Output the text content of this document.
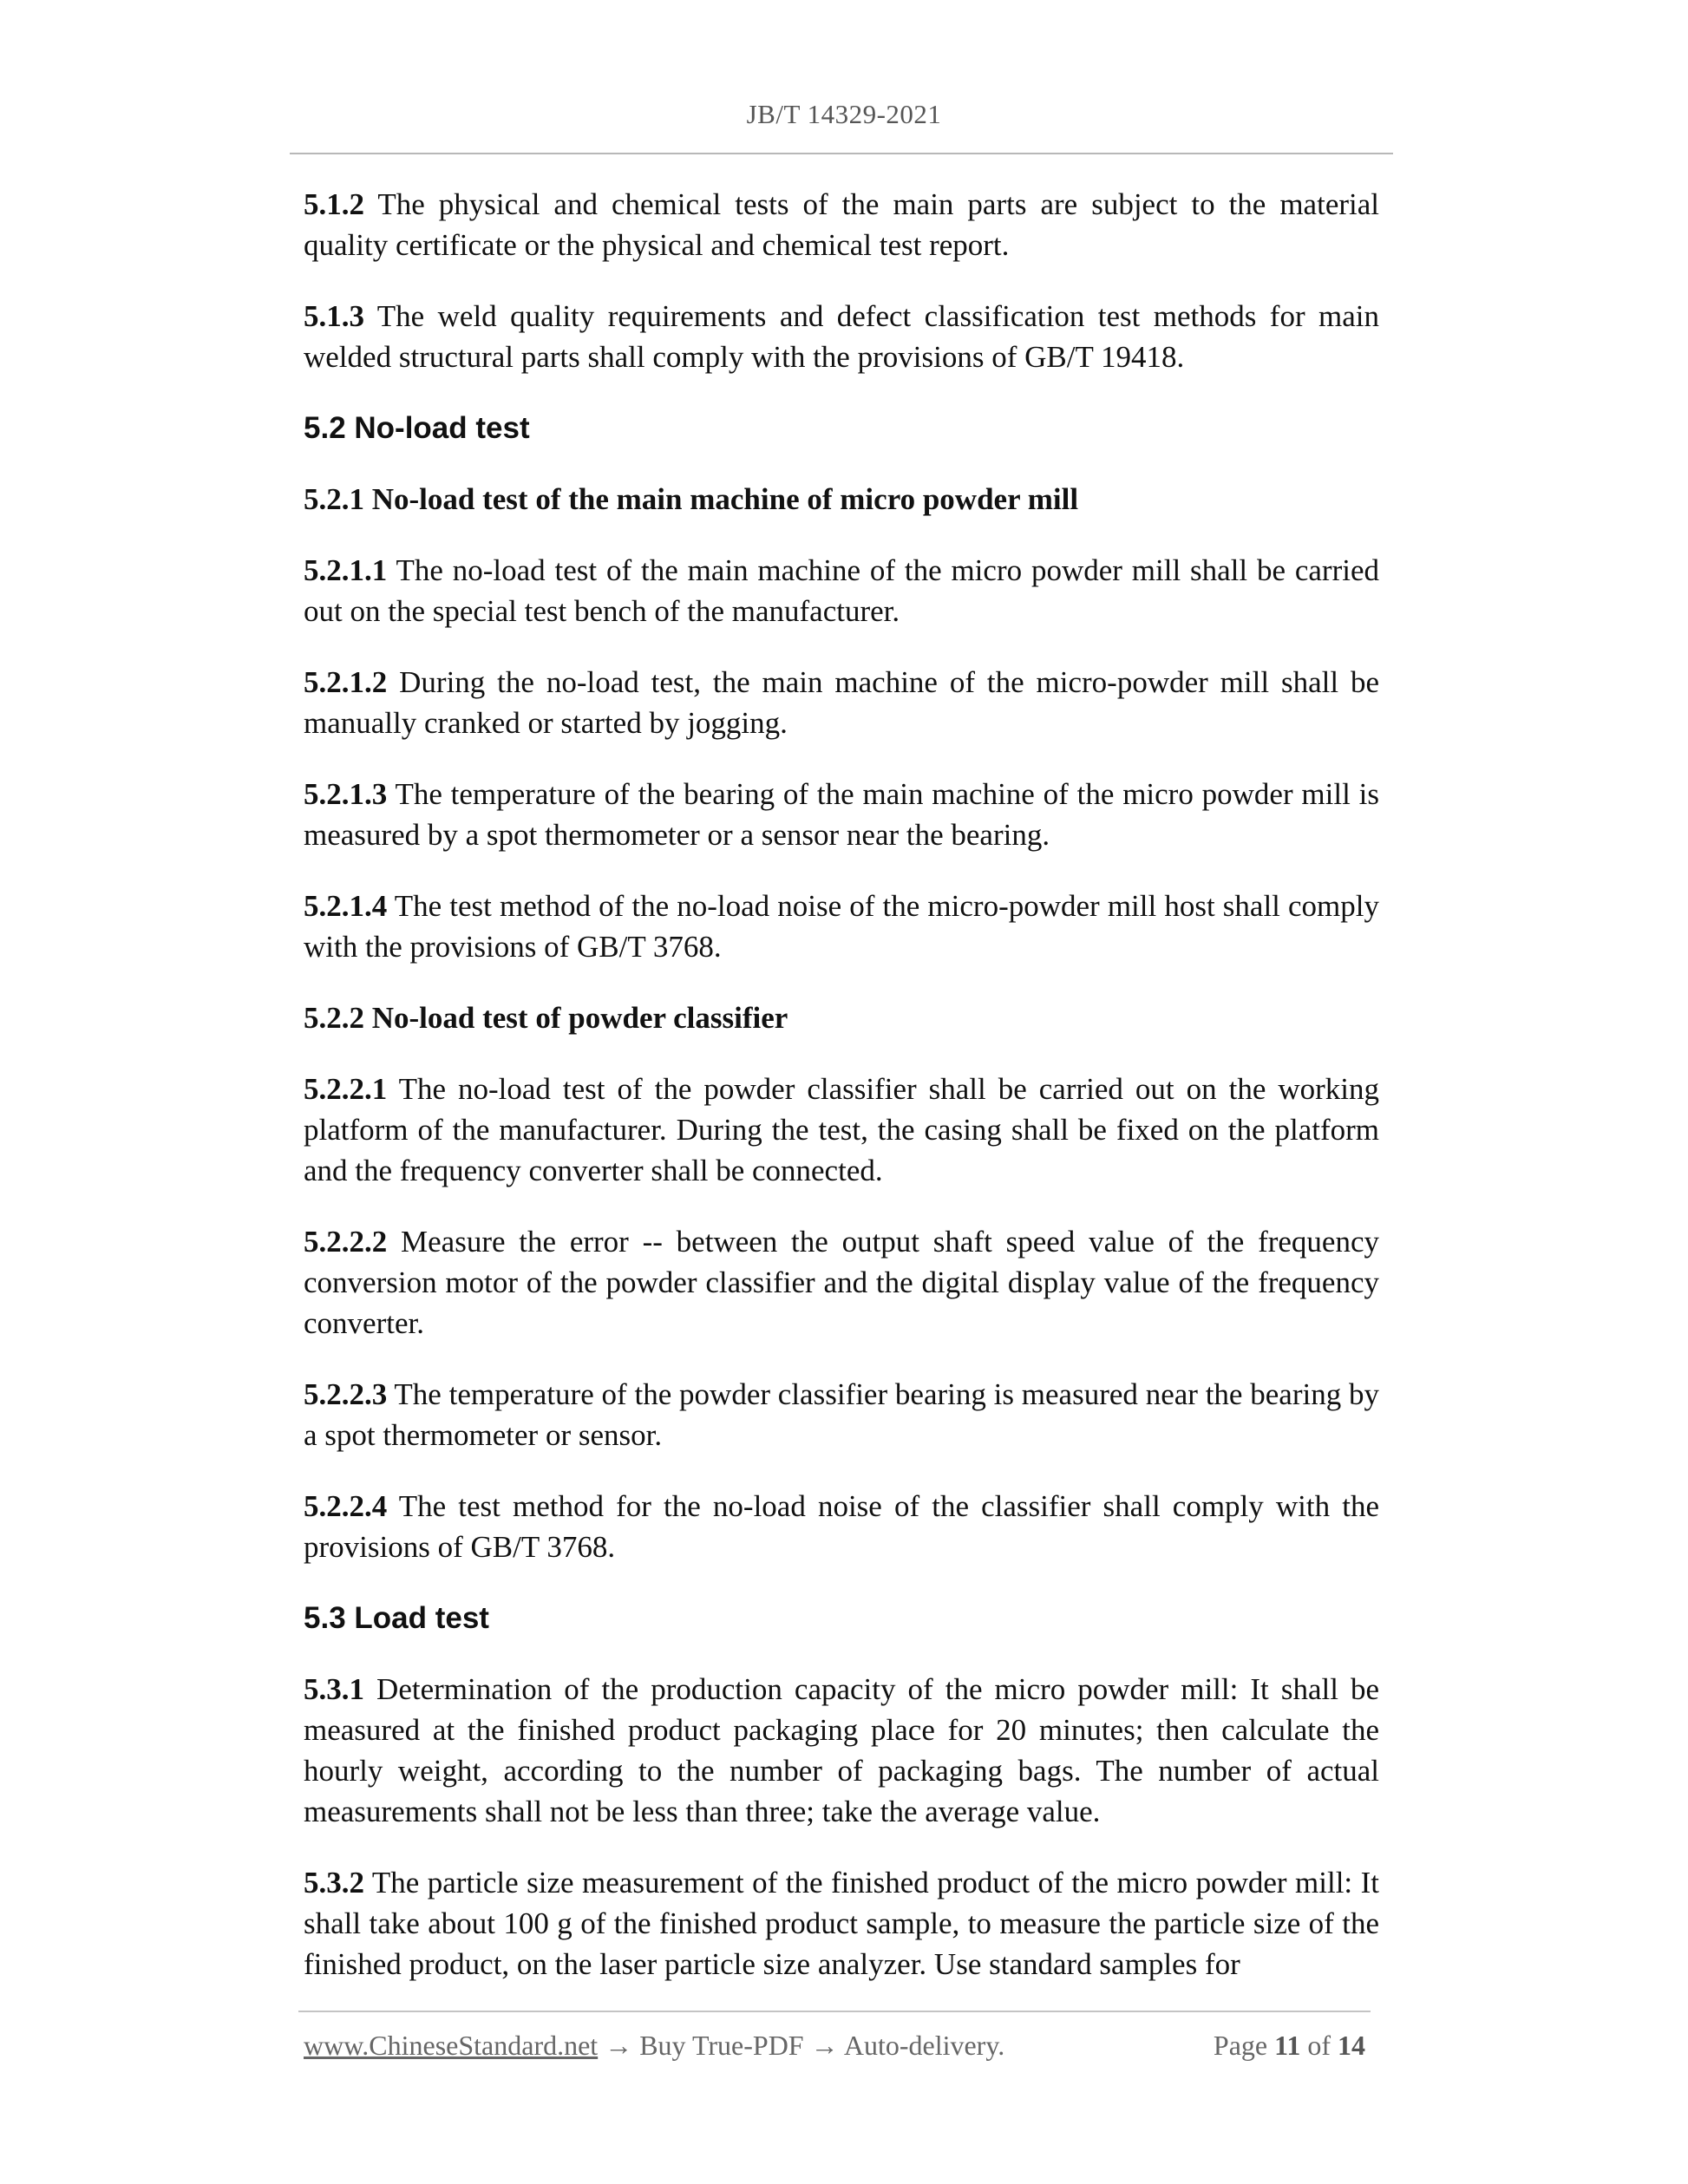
JB/T 14329-2021

5.1.2 The physical and chemical tests of the main parts are subject to the material quality certificate or the physical and chemical test report.

5.1.3 The weld quality requirements and defect classification test methods for main welded structural parts shall comply with the provisions of GB/T 19418.

5.2 No-load test
5.2.1 No-load test of the main machine of micro powder mill

5.2.1.1 The no-load test of the main machine of the micro powder mill shall be carried out on the special test bench of the manufacturer.

5.2.1.2 During the no-load test, the main machine of the micro-powder mill shall be manually cranked or started by jogging.

5.2.1.3 The temperature of the bearing of the main machine of the micro powder mill is measured by a spot thermometer or a sensor near the bearing.

5.2.1.4 The test method of the no-load noise of the micro-powder mill host shall comply with the provisions of GB/T 3768.

5.2.2 No-load test of powder classifier

5.2.2.1 The no-load test of the powder classifier shall be carried out on the working platform of the manufacturer. During the test, the casing shall be fixed on the platform and the frequency converter shall be connected.

5.2.2.2 Measure the error -- between the output shaft speed value of the frequency conversion motor of the powder classifier and the digital display value of the frequency converter.

5.2.2.3 The temperature of the powder classifier bearing is measured near the bearing by a spot thermometer or sensor.

5.2.2.4 The test method for the no-load noise of the classifier shall comply with the provisions of GB/T 3768.

5.3 Load test

5.3.1 Determination of the production capacity of the micro powder mill: It shall be measured at the finished product packaging place for 20 minutes; then calculate the hourly weight, according to the number of packaging bags. The number of actual measurements shall not be less than three; take the average value.

5.3.2 The particle size measurement of the finished product of the micro powder mill: It shall take about 100 g of the finished product sample, to measure the particle size of the finished product, on the laser particle size analyzer. Use standard samples for

www.ChineseStandard.net → Buy True-PDF → Auto-delivery.	Page 11 of 14
